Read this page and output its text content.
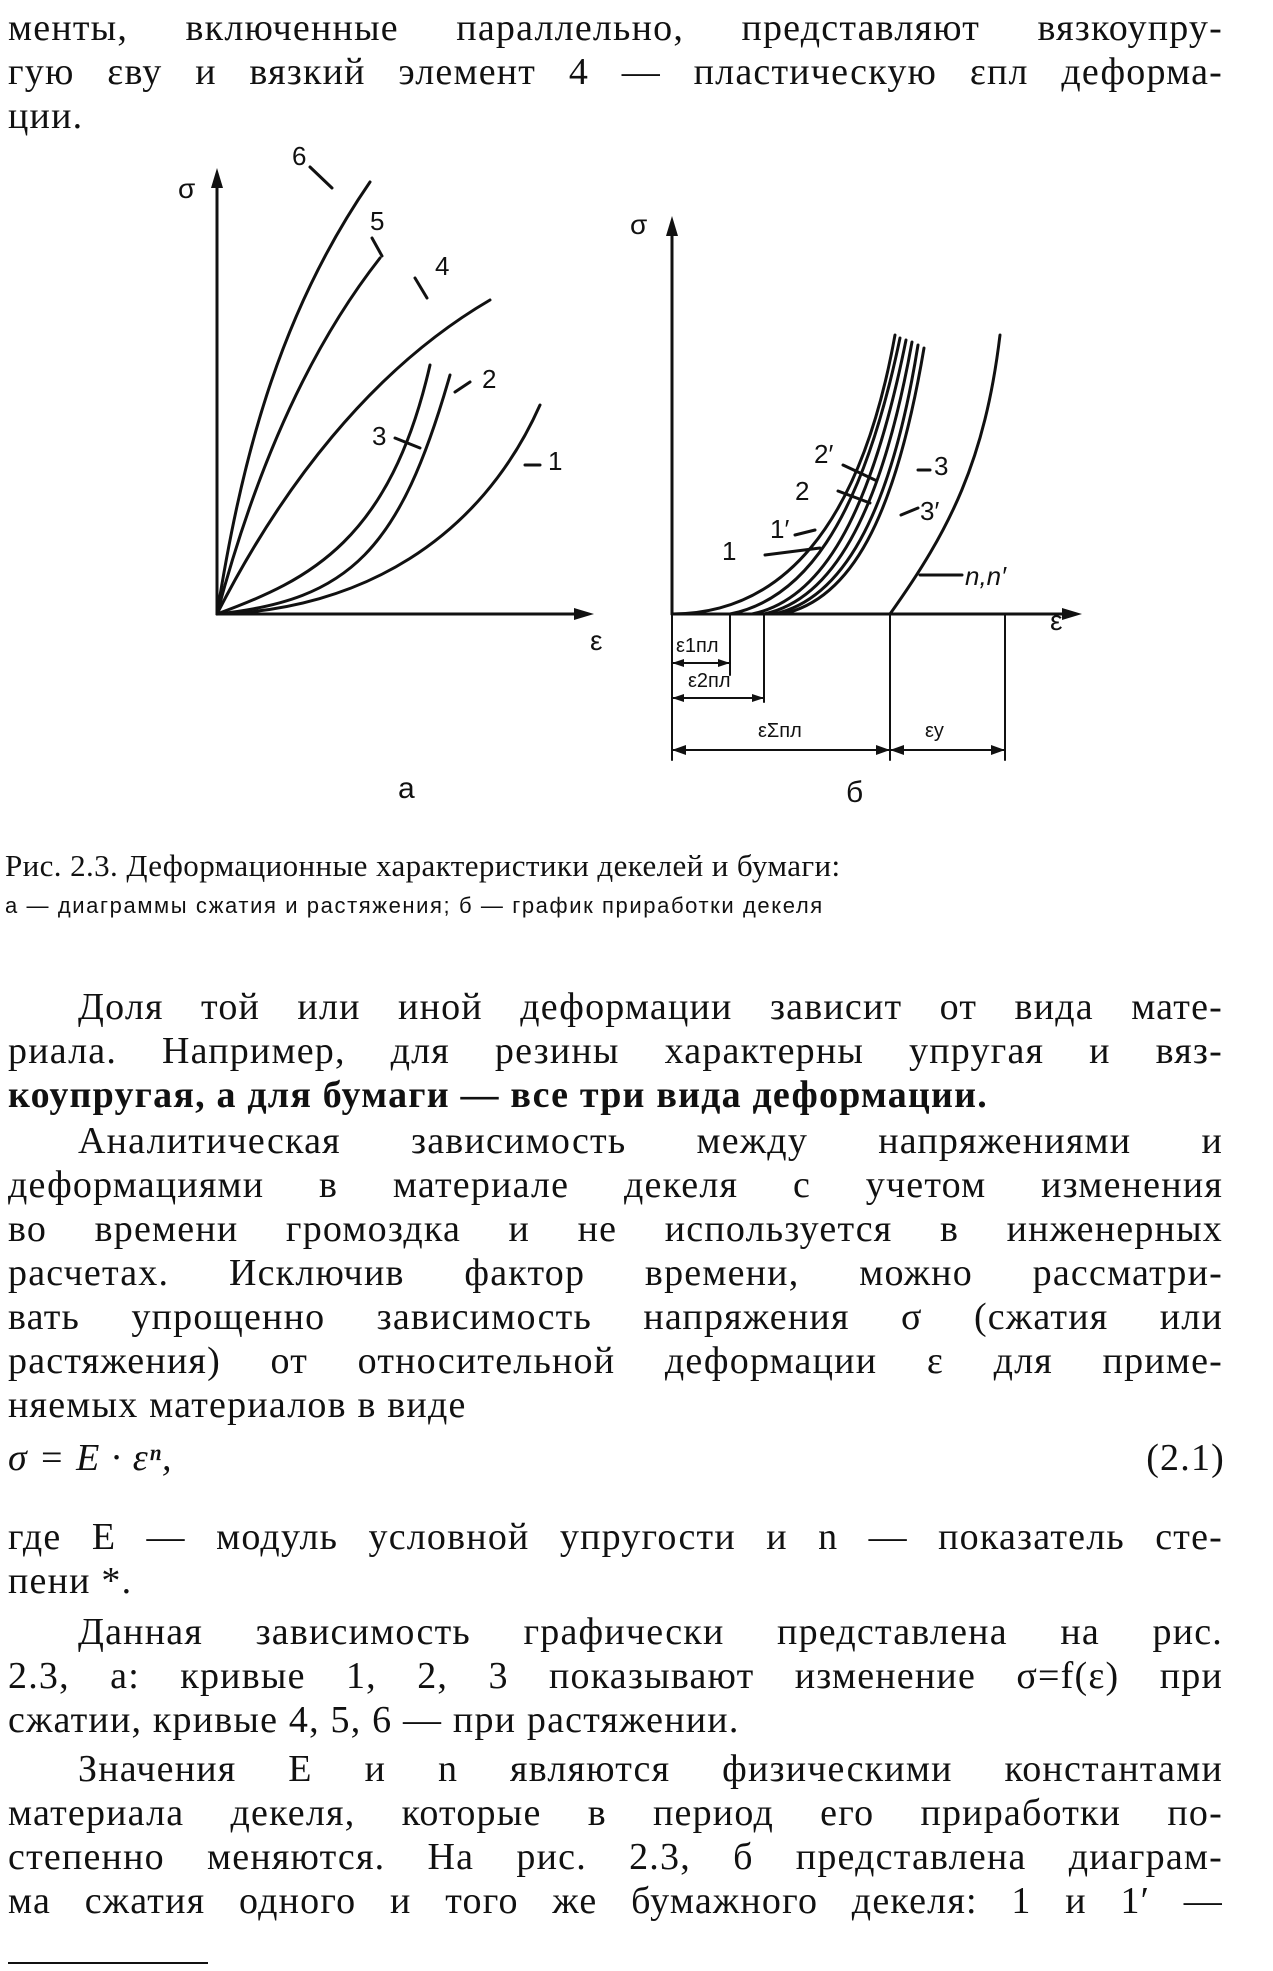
менты, включенные параллельно, представляют вязкоупру-
гую εву и вязкий элемент 4 — пластическую εпл деформа-
ции.
σ
ε
6
5
4
3
2
1
а
σ
ε
2′	3
2
3′
1′
1
n,n′
ε1пл
ε2пл
εΣпл	εу
б
Рис. 2.3. Деформационные характеристики декелей и бумаги:
а — диаграммы сжатия и растяжения; б — график приработки декеля
Доля той или иной деформации зависит от вида мате-
риала. Например, для резины характерны упругая и вяз-
коупругая, а для бумаги — все три вида деформации.
Аналитическая зависимость между напряжениями и
деформациями в материале декеля с учетом изменения
во времени громоздка и не используется в инженерных
расчетах. Исключив фактор времени, можно рассматри-
вать упрощенно зависимость напряжения σ (сжатия или
растяжения) от относительной деформации ε для приме-
няемых материалов в виде
σ = E · εⁿ,	(2.1)
где E — модуль условной упругости и n — показатель сте-
пени *.
Данная зависимость графически представлена на рис.
2.3, а: кривые 1, 2, 3 показывают изменение σ=f(ε) при
сжатии, кривые 4, 5, 6 — при растяжении.
Значения E и n являются физическими константами
материала декеля, которые в период его приработки по-
степенно меняются. На рис. 2.3, б представлена диаграм-
ма сжатия одного и того же бумажного декеля: 1 и 1′ —
